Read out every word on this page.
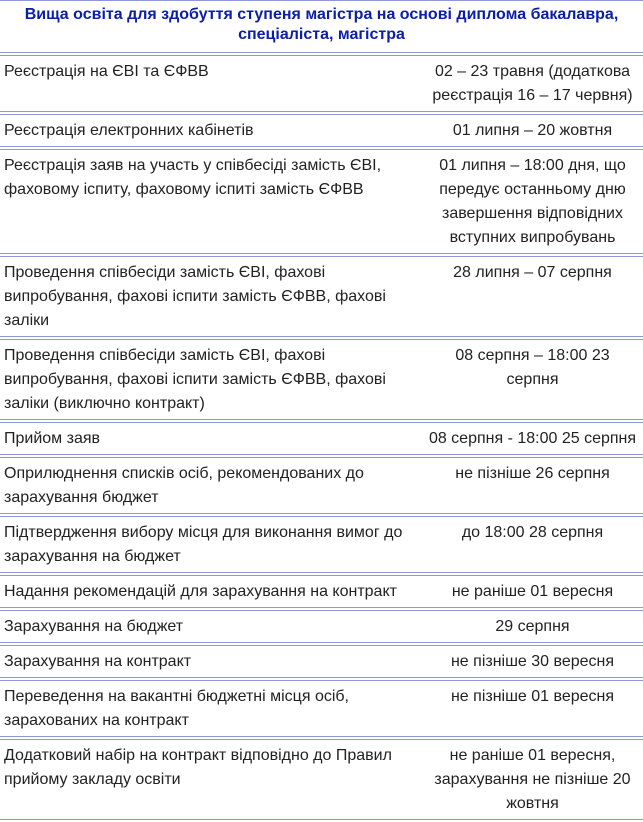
Вища освіта для здобуття ступеня магістра на основі диплома бакалавра, спеціаліста, магістра	
Реєстрація на ЄВІ та ЄФВВ	02 – 23 травня (додаткова реєстрація 16 – 17 червня)
Реєстрація електронних кабінетів	01 липня – 20 жовтня
Реєстрація заяв на участь у співбесіді замість ЄВІ, фаховому іспиту, фаховому іспиті замість ЄФВВ	01 липня – 18:00 дня, що передує останньому дню завершення відповідних вступних випробувань
Проведення співбесіди замість ЄВІ, фахові випробування, фахові іспити замість ЄФВВ, фахові заліки	28 липня – 07 серпня
Проведення співбесіди замість ЄВІ, фахові випробування, фахові іспити замість ЄФВВ, фахові заліки (виключно контракт)	08 серпня – 18:00 23 серпня
Прийом заяв	08 серпня - 18:00 25 серпня
Оприлюднення списків осіб, рекомендованих до зарахування бюджет	не пізніше 26 серпня
Підтвердження вибору місця для виконання вимог до зарахування на бюджет	до 18:00 28 серпня
Надання рекомендацій для зарахування на контракт	не раніше 01 вересня
Зарахування на бюджет	29 серпня
Зарахування на контракт	не пізніше 30 вересня
Переведення на вакантні бюджетні місця осіб, зарахованих на контракт	не пізніше 01 вересня
Додатковий набір на контракт відповідно до Правил прийому закладу освіти	не раніше 01 вересня, зарахування не пізніше 20 жовтня
